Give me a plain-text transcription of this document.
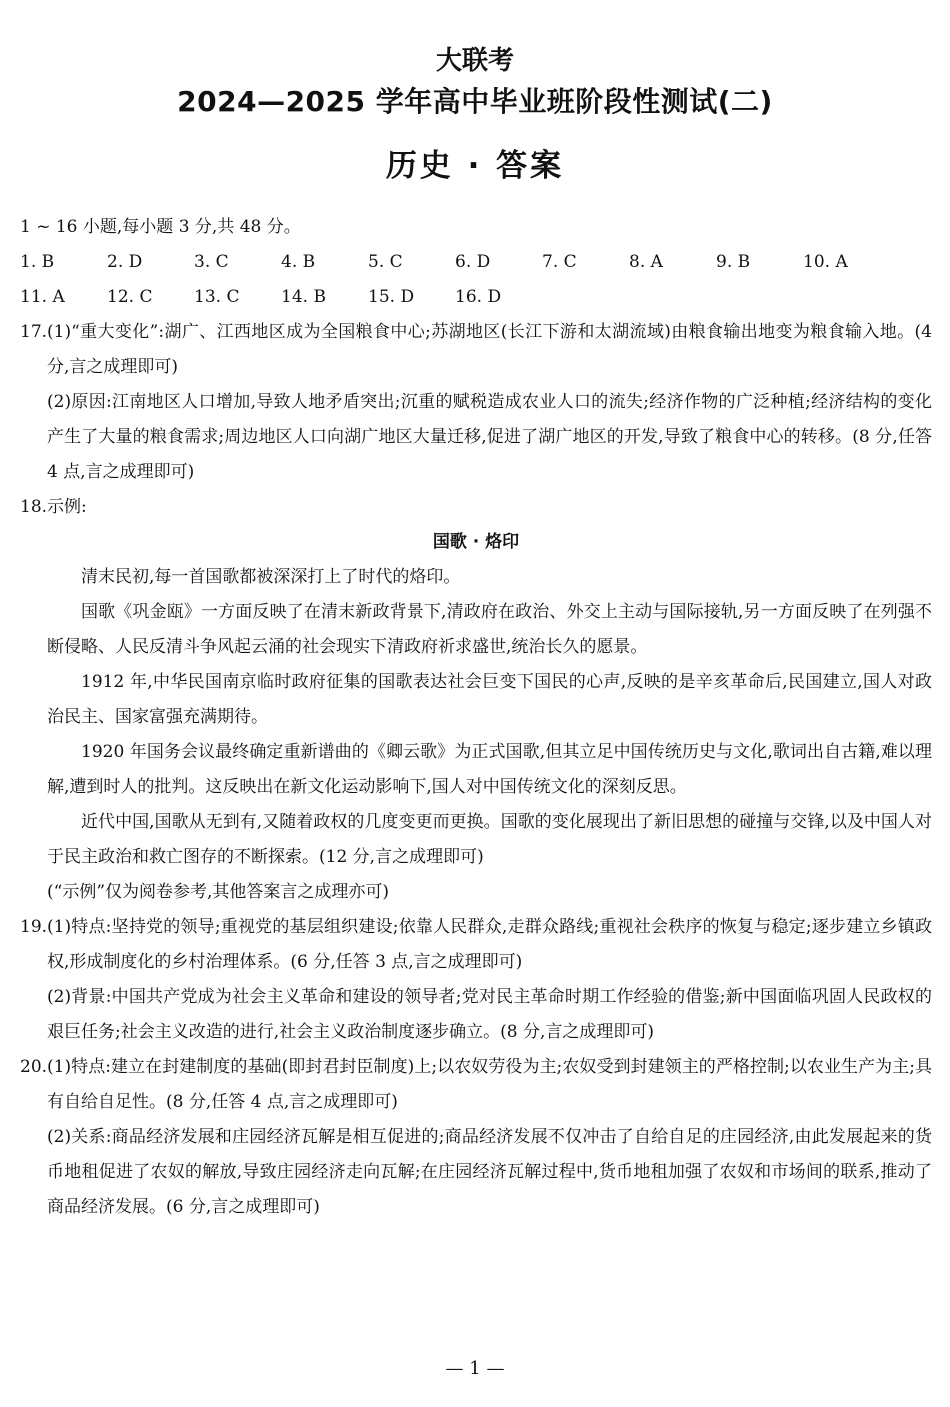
大联考
2024—2025 学年高中毕业班阶段性测试(二)
历史 · 答案
1 ~ 16 小题,每小题 3 分,共 48 分。
1. B	2. D	3. C	4. B	5. C	6. D	7. C	8. A	9. B	10. A
11. A	12. C	13. C	14. B	15. D	16. D
17. (1)“重大变化”:湖广、江西地区成为全国粮食中心;苏湖地区(长江下游和太湖流域)由粮食输出地变为粮食输入地。(4 分,言之成理即可)
(2)原因:江南地区人口增加,导致人地矛盾突出;沉重的赋税造成农业人口的流失;经济作物的广泛种植;经济结构的变化产生了大量的粮食需求;周边地区人口向湖广地区大量迁移,促进了湖广地区的开发,导致了粮食中心的转移。(8 分,任答 4 点,言之成理即可)
18. 示例:
国歌 · 烙印
清末民初,每一首国歌都被深深打上了时代的烙印。
国歌《巩金瓯》一方面反映了在清末新政背景下,清政府在政治、外交上主动与国际接轨,另一方面反映了在列强不断侵略、人民反清斗争风起云涌的社会现实下清政府祈求盛世,统治长久的愿景。
1912 年,中华民国南京临时政府征集的国歌表达社会巨变下国民的心声,反映的是辛亥革命后,民国建立,国人对政治民主、国家富强充满期待。
1920 年国务会议最终确定重新谱曲的《卿云歌》为正式国歌,但其立足中国传统历史与文化,歌词出自古籍,难以理解,遭到时人的批判。这反映出在新文化运动影响下,国人对中国传统文化的深刻反思。
近代中国,国歌从无到有,又随着政权的几度变更而更换。国歌的变化展现出了新旧思想的碰撞与交锋,以及中国人对于民主政治和救亡图存的不断探索。(12 分,言之成理即可)
(“示例”仅为阅卷参考,其他答案言之成理亦可)
19. (1)特点:坚持党的领导;重视党的基层组织建设;依靠人民群众,走群众路线;重视社会秩序的恢复与稳定;逐步建立乡镇政权,形成制度化的乡村治理体系。(6 分,任答 3 点,言之成理即可)
(2)背景:中国共产党成为社会主义革命和建设的领导者;党对民主革命时期工作经验的借鉴;新中国面临巩固人民政权的艰巨任务;社会主义改造的进行,社会主义政治制度逐步确立。(8 分,言之成理即可)
20. (1)特点:建立在封建制度的基础(即封君封臣制度)上;以农奴劳役为主;农奴受到封建领主的严格控制;以农业生产为主;具有自给自足性。(8 分,任答 4 点,言之成理即可)
(2)关系:商品经济发展和庄园经济瓦解是相互促进的;商品经济发展不仅冲击了自给自足的庄园经济,由此发展起来的货币地租促进了农奴的解放,导致庄园经济走向瓦解;在庄园经济瓦解过程中,货币地租加强了农奴和市场间的联系,推动了商品经济发展。(6 分,言之成理即可)
— 1 —
